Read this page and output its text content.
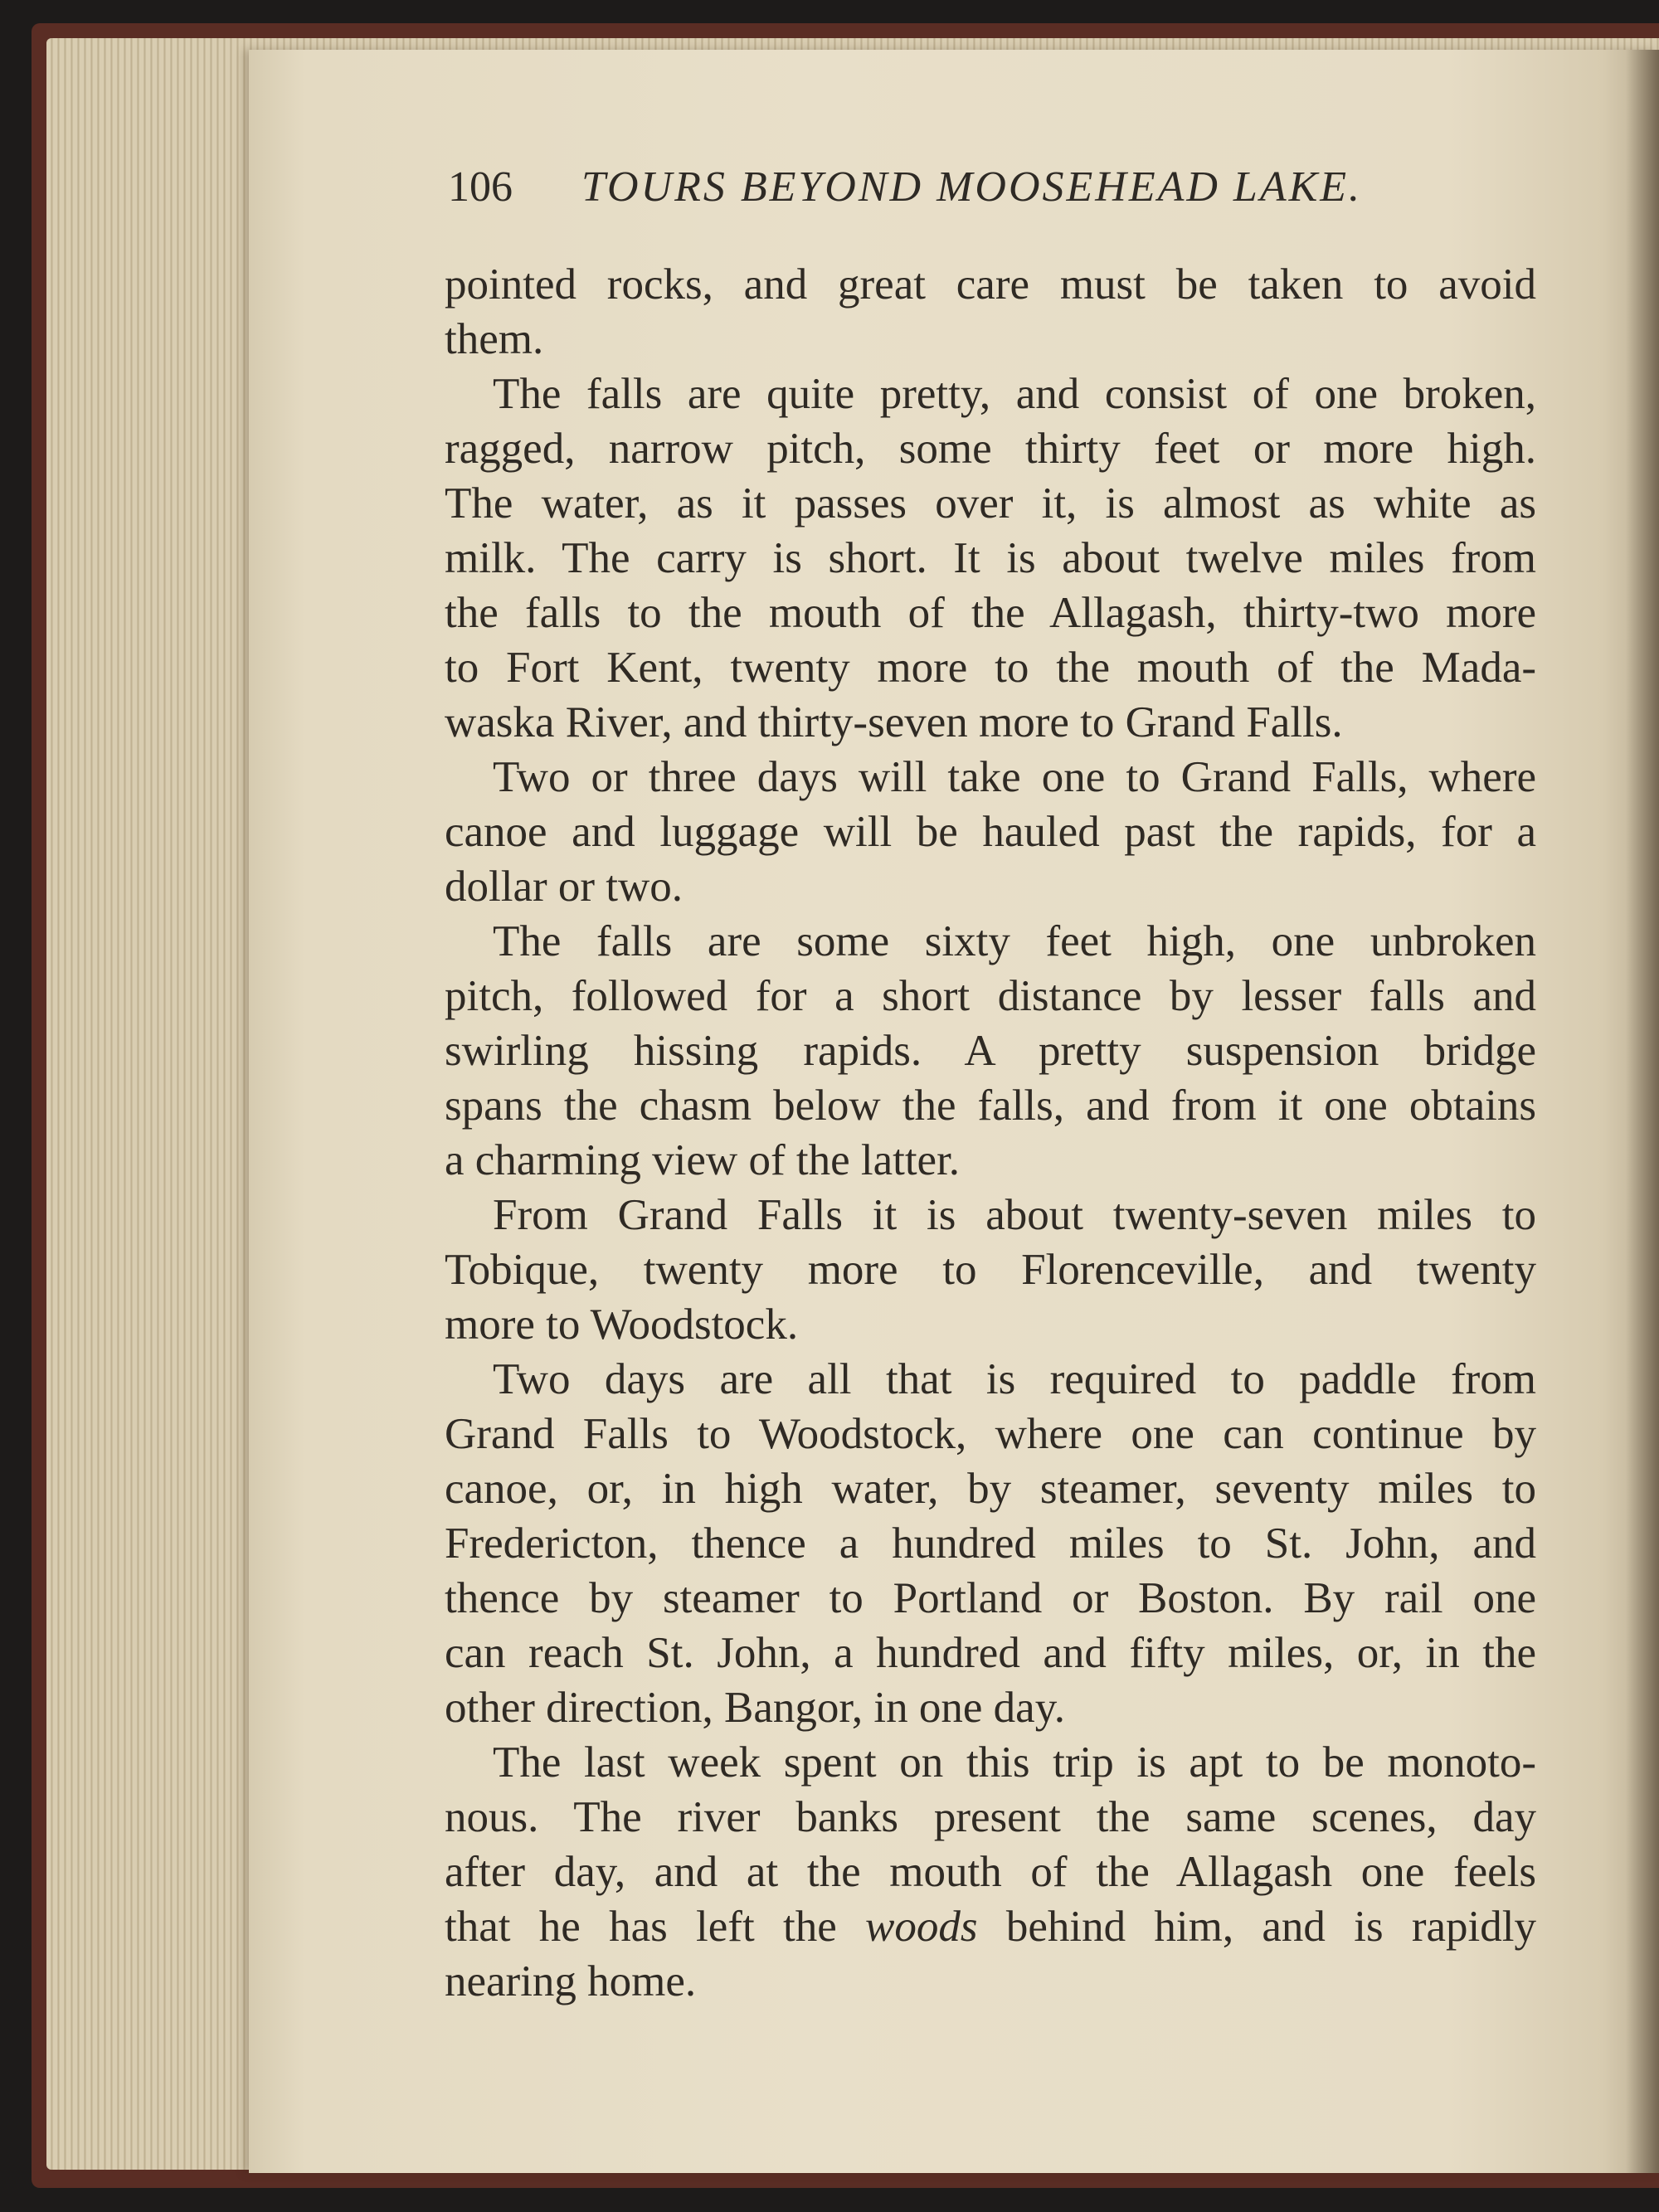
106 TOURS BEYOND MOOSEHEAD LAKE.
pointed rocks, and great care must be taken to avoid
them.
The falls are quite pretty, and consist of one broken,
ragged, narrow pitch, some thirty feet or more high.
The water, as it passes over it, is almost as white as
milk. The carry is short. It is about twelve miles from
the falls to the mouth of the Allagash, thirty-two more
to Fort Kent, twenty more to the mouth of the Mada-
waska River, and thirty-seven more to Grand Falls.
Two or three days will take one to Grand Falls, where
canoe and luggage will be hauled past the rapids, for a
dollar or two.
The falls are some sixty feet high, one unbroken
pitch, followed for a short distance by lesser falls and
swirling hissing rapids. A pretty suspension bridge
spans the chasm below the falls, and from it one obtains
a charming view of the latter.
From Grand Falls it is about twenty-seven miles to
Tobique, twenty more to Florenceville, and twenty
more to Woodstock.
Two days are all that is required to paddle from
Grand Falls to Woodstock, where one can continue by
canoe, or, in high water, by steamer, seventy miles to
Fredericton, thence a hundred miles to St. John, and
thence by steamer to Portland or Boston. By rail one
can reach St. John, a hundred and fifty miles, or, in the
other direction, Bangor, in one day.
The last week spent on this trip is apt to be monoto-
nous. The river banks present the same scenes, day
after day, and at the mouth of the Allagash one feels
that he has left the woods behind him, and is rapidly
nearing home.
